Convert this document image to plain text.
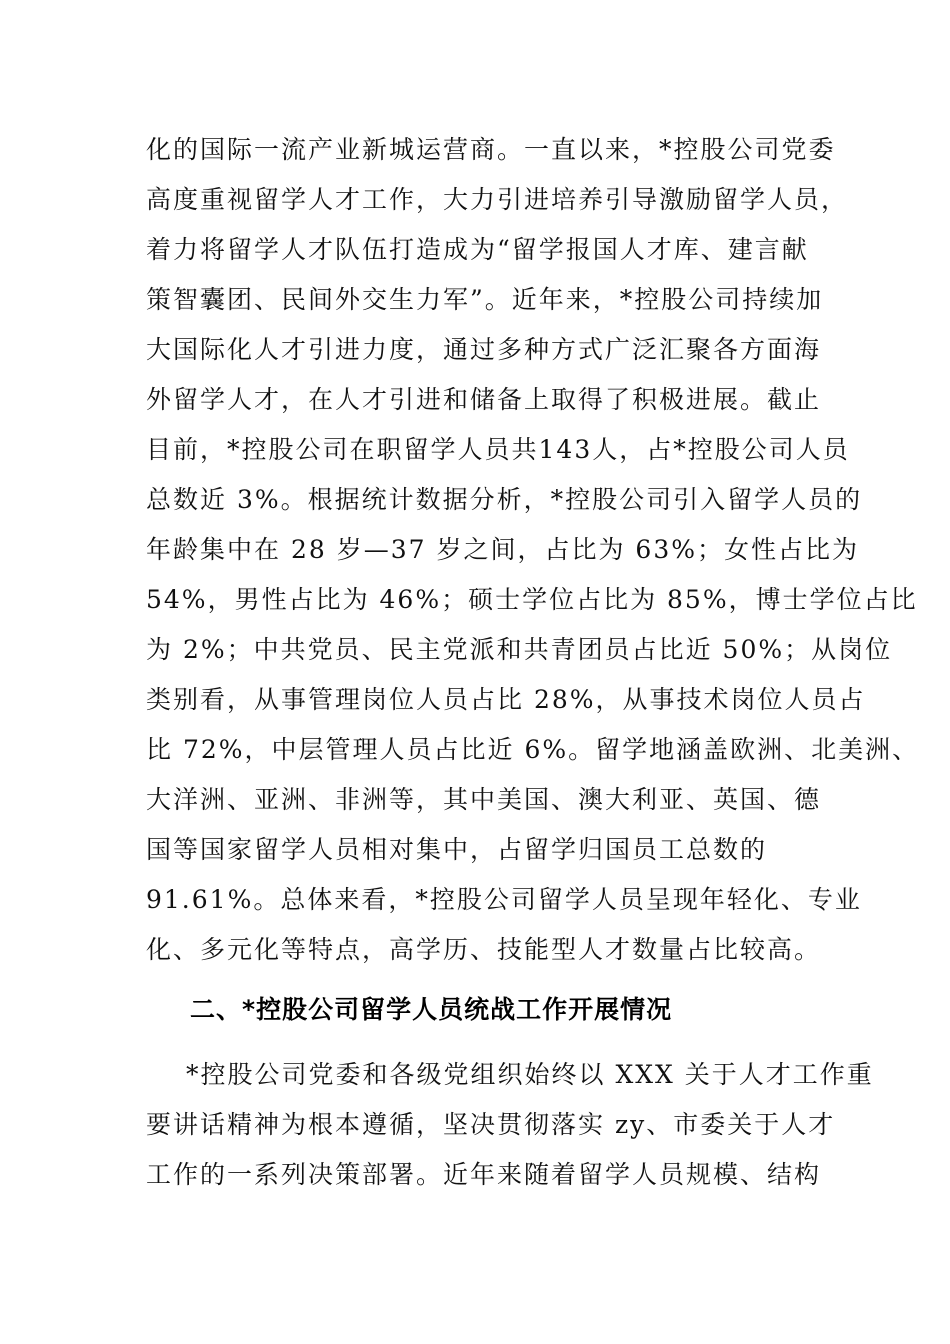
化的国际一流产业新城运营商。一直以来，*控股公司党委
高度重视留学人才工作，大力引进培养引导激励留学人员，
着力将留学人才队伍打造成为“留学报国人才库、建言献
策智囊团、民间外交生力军”。近年来，*控股公司持续加
大国际化人才引进力度，通过多种方式广泛汇聚各方面海
外留学人才，在人才引进和储备上取得了积极进展。截止
目前，*控股公司在职留学人员共143人，占*控股公司人员
总数近 3%。根据统计数据分析，*控股公司引入留学人员的
年龄集中在 28 岁—37 岁之间，占比为 63%；女性占比为
54%，男性占比为 46%；硕士学位占比为 85%，博士学位占比
为 2%；中共党员、民主党派和共青团员占比近 50%；从岗位
类别看，从事管理岗位人员占比 28%，从事技术岗位人员占
比 72%，中层管理人员占比近 6%。留学地涵盖欧洲、北美洲、
大洋洲、亚洲、非洲等，其中美国、澳大利亚、英国、德
国等国家留学人员相对集中，占留学归国员工总数的
91.61%。总体来看，*控股公司留学人员呈现年轻化、专业
化、多元化等特点，高学历、技能型人才数量占比较高。
二、*控股公司留学人员统战工作开展情况
*控股公司党委和各级党组织始终以 XXX 关于人才工作重
要讲话精神为根本遵循，坚决贯彻落实 zy、市委关于人才
工作的一系列决策部署。近年来随着留学人员规模、结构
